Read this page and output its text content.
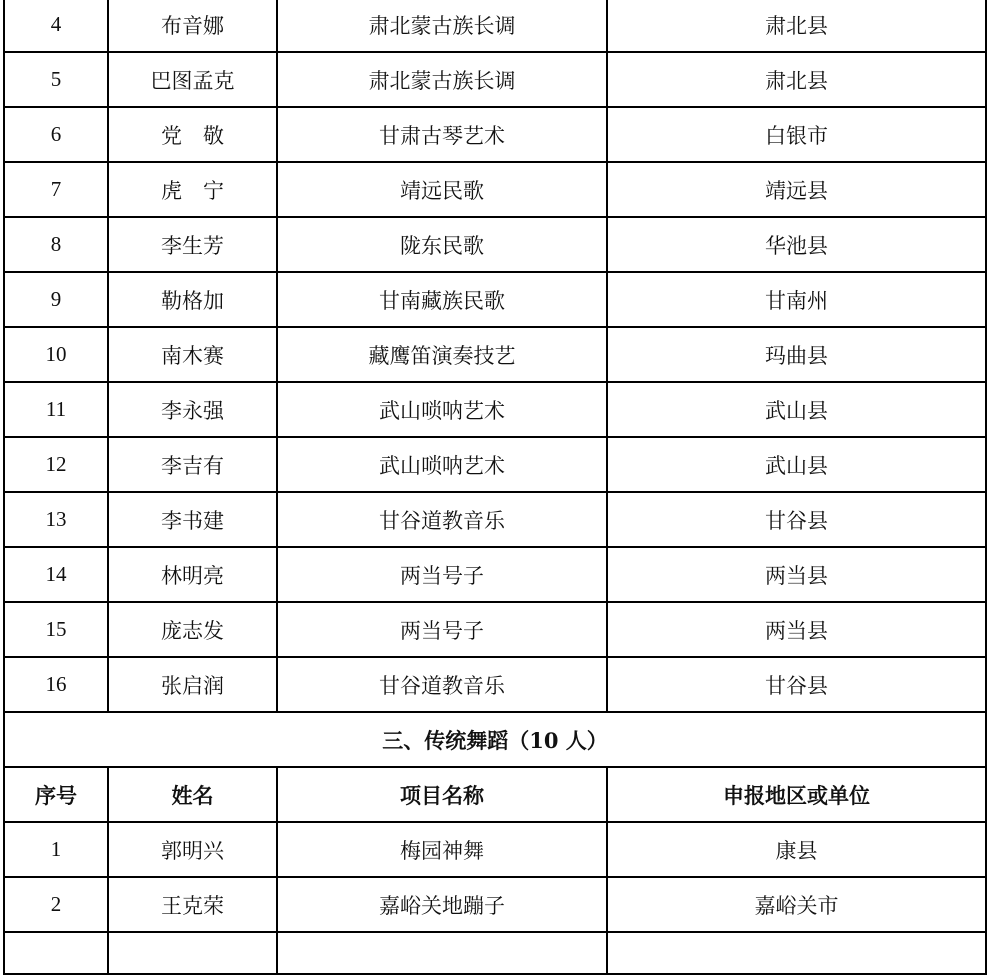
4	布音娜	肃北蒙古族长调	肃北县
5	巴图孟克	肃北蒙古族长调	肃北县
6	党　敬	甘肃古琴艺术	白银市
7	虎　宁	靖远民歌	靖远县
8	李生芳	陇东民歌	华池县
9	勒格加	甘南藏族民歌	甘南州
10	南木赛	藏鹰笛演奏技艺	玛曲县
11	李永强	武山唢呐艺术	武山县
12	李吉有	武山唢呐艺术	武山县
13	李书建	甘谷道教音乐	甘谷县
14	林明亮	两当号子	两当县
15	庞志发	两当号子	两当县
16	张启润	甘谷道教音乐	甘谷县
三、传统舞蹈（10 人）			
序号	姓名	项目名称	申报地区或单位
1	郭明兴	梅园神舞	康县
2	王克荣	嘉峪关地蹦子	嘉峪关市
